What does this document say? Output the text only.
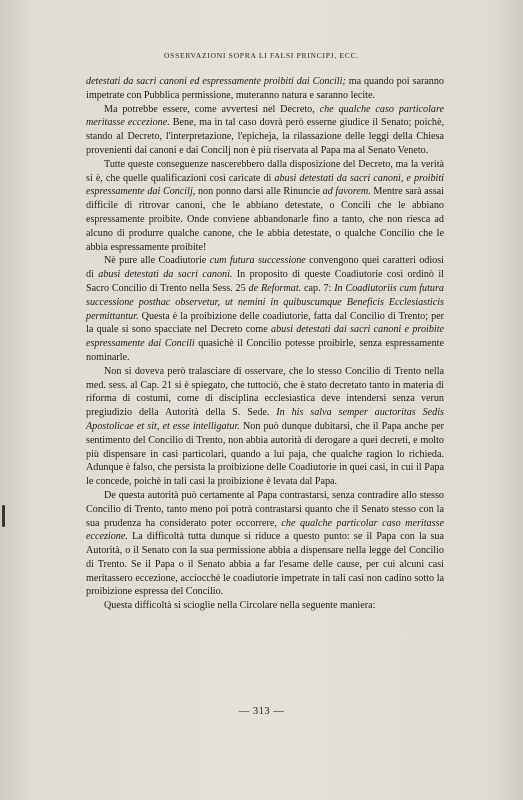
OSSERVAZIONI SOPRA LI FALSI PRINCIPJ, ECC.

detestati da sacri canoni ed espressamente proibiti dai Concili; ma quando poi saranno impetrate con Pubblica permissione, muteranno natura e saranno lecite.

Ma potrebbe essere, come avvertesi nel Decreto, che qualche caso particolare meritasse eccezione. Bene, ma in tal caso dovrà però esserne giudice il Senato; poichè, stando al Decreto, l'interpretazione, l'epicheja, la rilassazione delle leggi della Chiesa provenienti dai canoni e dai Concilj non è più riservata al Papa ma al Senato Veneto.

Tutte queste conseguenze nascerebbero dalla disposizione del Decreto, ma la verità si è, che quelle qualificazioni così caricate di abusi detestati da sacri canoni, e proibiti espressamente dai Concilj, non ponno darsi alle Rinuncie ad favorem. Mentre sarà assai difficile di ritrovar canoni, che le abbiano detestate, o Concili che le abbiano espressamente proibite. Onde conviene abbandonarle fino a tanto, che non riesca ad alcuno di produrre qualche canone, che le abbia detestate, o qualche Concilio che le abbia espressamente proibite!

Nè pure alle Coadiutorie cum futura successione convengono quei caratteri odiosi di abusi detestati da sacri canoni. In proposito di queste Coadiutorie così ordinò il Sacro Concilio di Trento nella Sess. 25 de Reformat. cap. 7: In Coadiutoriis cum futura successione posthac observetur, ut nemini in quibuscumque Beneficis Ecclesiasticis permittantur. Questa è la proibizione delle coadiutorie, fatta dal Concilio di Trento; per la quale si sono spacciate nel Decreto come abusi detestati dai sacri canoni e proibite espressamente dai Concili quasichè il Concilio potesse proibirle, senza espressamente nominarle.

Non si doveva però tralasciare di osservare, che lo stesso Concilio di Trento nella med. sess. al Cap. 21 si è spiegato, che tuttociò, che è stato decretato tanto in materia di riforma di costumi, come di disciplina ecclesiastica deve intendersi senza verun pregiudizio della Autorità della S. Sede. In his salva semper auctoritas Sedis Apostolicae et sit, et esse intelligatur. Non può dunque dubitarsi, che il Papa anche per sentimento del Concilio di Trento, non abbia autorità di derogare a quei decreti, e molto più dispensare in casi particolari, quando a lui paja, che qualche ragion lo richieda. Adunque è falso, che persista la proibizione delle Coadiutorie in quei casi, in cui il Papa le concede, poichè in tali casi la proibizione è levata dal Papa.

De questa autorità può certamente al Papa contrastarsi, senza contradire allo stesso Concilio di Trento, tanto meno poi potrà contrastarsi quanto che il Senato stesso con la sua prudenza ha considerato poter occorrere, che qualche particolar caso meritasse eccezione. La difficoltà tutta dunque si riduce a questo punto: se il Papa con la sua Autorità, o il Senato con la sua permissione abbia a dispensare nella legge del Concilio di Trento. Se il Papa o il Senato abbia a far l'esame delle cause, per cui alcuni casi meritassero eccezione, acciocchè le coadiutorie impetrate in tali casi non cadino sotto la proibizione espressa del Concilio.

Questa difficoltà si scioglie nella Circolare nella seguente maniera:

— 313 —
